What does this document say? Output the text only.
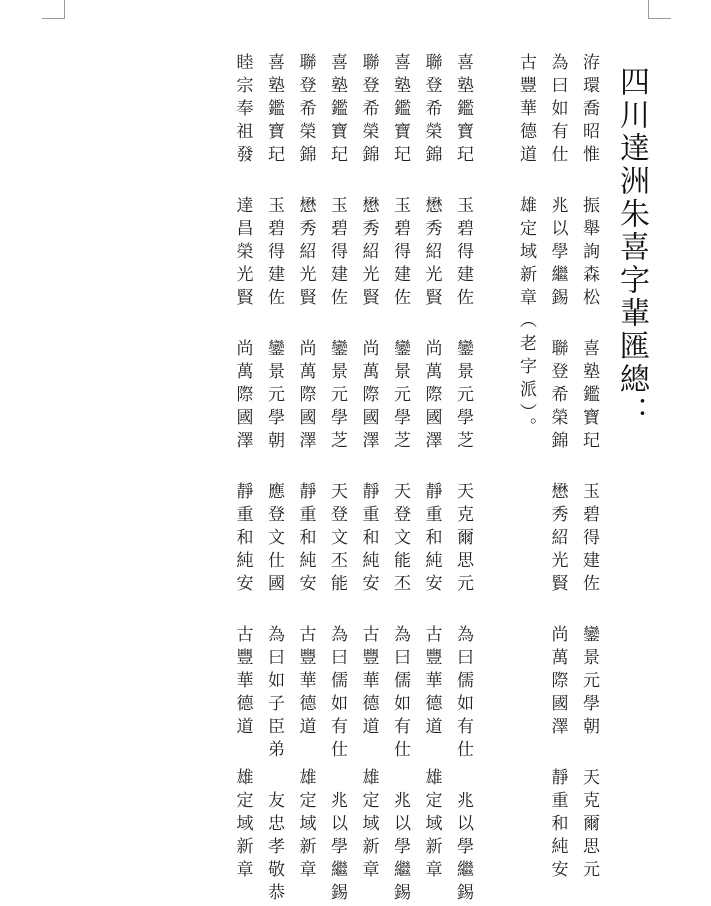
四川達洲朱喜字輩匯總：
洊環喬昭惟
振舉詢森松
喜塾鑑寶玘
玉碧得建佐
鑾景元學朝
天克爾思元
為曰如有仕
兆以學繼錫
聯登希榮錦
懋秀紹光賢
尚萬際國澤
靜重和純安
古豐華德道
雄定域新章（老字派）。
喜塾鑑寶玘
玉碧得建佐
鑾景元學芝
天克爾思元
為曰儒如有仕
兆以學繼錫
聯登希榮錦
懋秀紹光賢
尚萬際國澤
靜重和純安
古豐華德道
雄定域新章
喜塾鑑寶玘
玉碧得建佐
鑾景元學芝
天登文能丕
為曰儒如有仕
兆以學繼錫
聯登希榮錦
懋秀紹光賢
尚萬際國澤
靜重和純安
古豐華德道
雄定域新章
喜塾鑑寶玘
玉碧得建佐
鑾景元學芝
天登文丕能
為曰儒如有仕
兆以學繼錫
聯登希榮錦
懋秀紹光賢
尚萬際國澤
靜重和純安
古豐華德道
雄定域新章
喜塾鑑寶玘
玉碧得建佐
鑾景元學朝
應登文仕國
為曰如子臣弟
友忠孝敬恭
睦宗奉祖發
達昌榮光賢
尚萬際國澤
靜重和純安
古豐華德道
雄定域新章
